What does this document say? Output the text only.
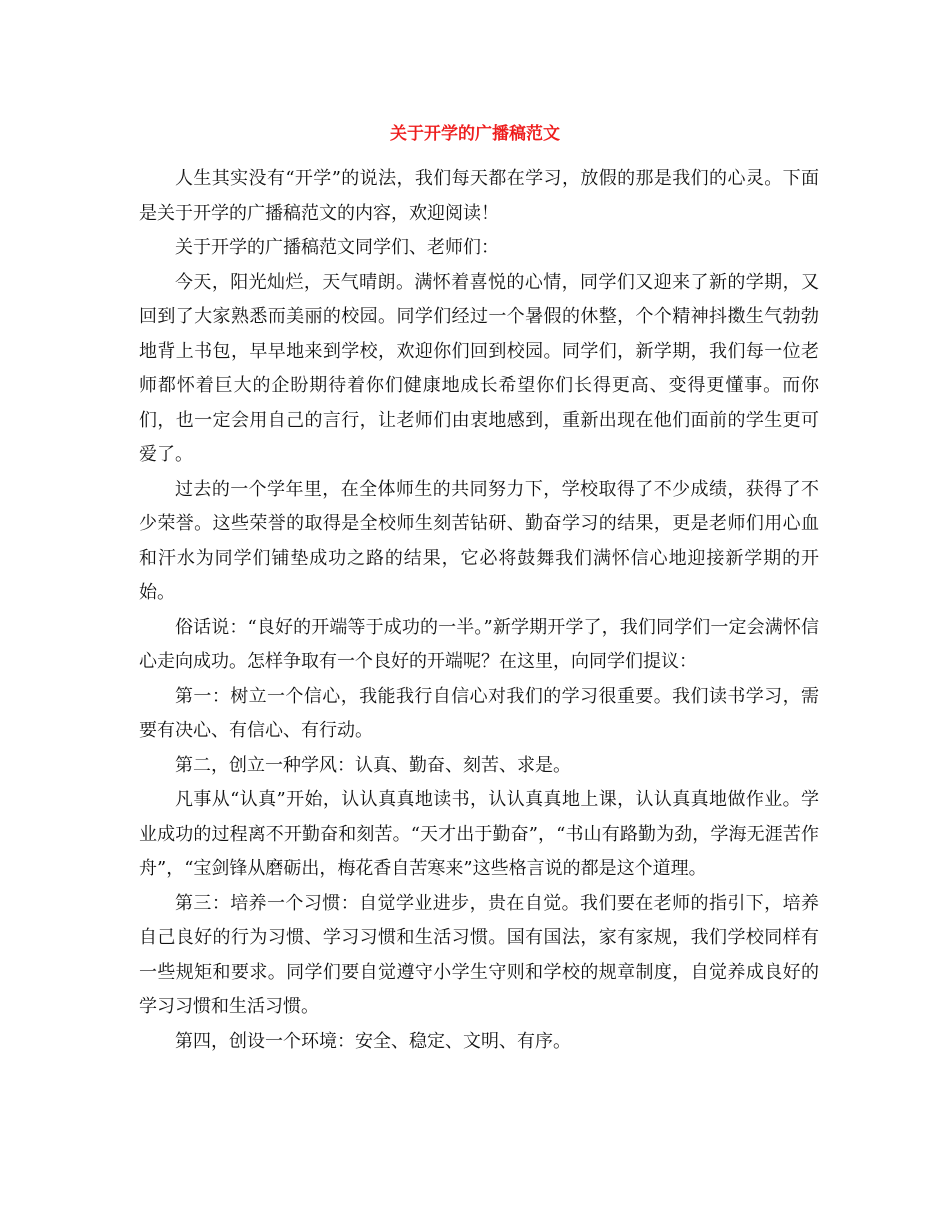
关于开学的广播稿范文

人生其实没有“开学”的说法，我们每天都在学习，放假的那是我们的心灵。下面是关于开学的广播稿范文的内容，欢迎阅读！

关于开学的广播稿范文同学们、老师们：

今天，阳光灿烂，天气晴朗。满怀着喜悦的心情，同学们又迎来了新的学期，又回到了大家熟悉而美丽的校园。同学们经过一个暑假的休整，个个精神抖擞生气勃勃地背上书包，早早地来到学校，欢迎你们回到校园。同学们，新学期，我们每一位老师都怀着巨大的企盼期待着你们健康地成长希望你们长得更高、变得更懂事。而你们，也一定会用自己的言行，让老师们由衷地感到，重新出现在他们面前的学生更可爱了。

过去的一个学年里，在全体师生的共同努力下，学校取得了不少成绩，获得了不少荣誉。这些荣誉的取得是全校师生刻苦钻研、勤奋学习的结果，更是老师们用心血和汗水为同学们铺垫成功之路的结果，它必将鼓舞我们满怀信心地迎接新学期的开始。

俗话说：“良好的开端等于成功的一半。”新学期开学了，我们同学们一定会满怀信心走向成功。怎样争取有一个良好的开端呢？在这里，向同学们提议：

第一：树立一个信心，我能我行自信心对我们的学习很重要。我们读书学习，需要有决心、有信心、有行动。

第二，创立一种学风：认真、勤奋、刻苦、求是。

凡事从“认真”开始，认认真真地读书，认认真真地上课，认认真真地做作业。学业成功的过程离不开勤奋和刻苦。“天才出于勤奋”，“书山有路勤为劲，学海无涯苦作舟”，“宝剑锋从磨砺出，梅花香自苦寒来”这些格言说的都是这个道理。

第三：培养一个习惯：自觉学业进步，贵在自觉。我们要在老师的指引下，培养自己良好的行为习惯、学习习惯和生活习惯。国有国法，家有家规，我们学校同样有一些规矩和要求。同学们要自觉遵守小学生守则和学校的规章制度，自觉养成良好的学习习惯和生活习惯。

第四，创设一个环境：安全、稳定、文明、有序。
